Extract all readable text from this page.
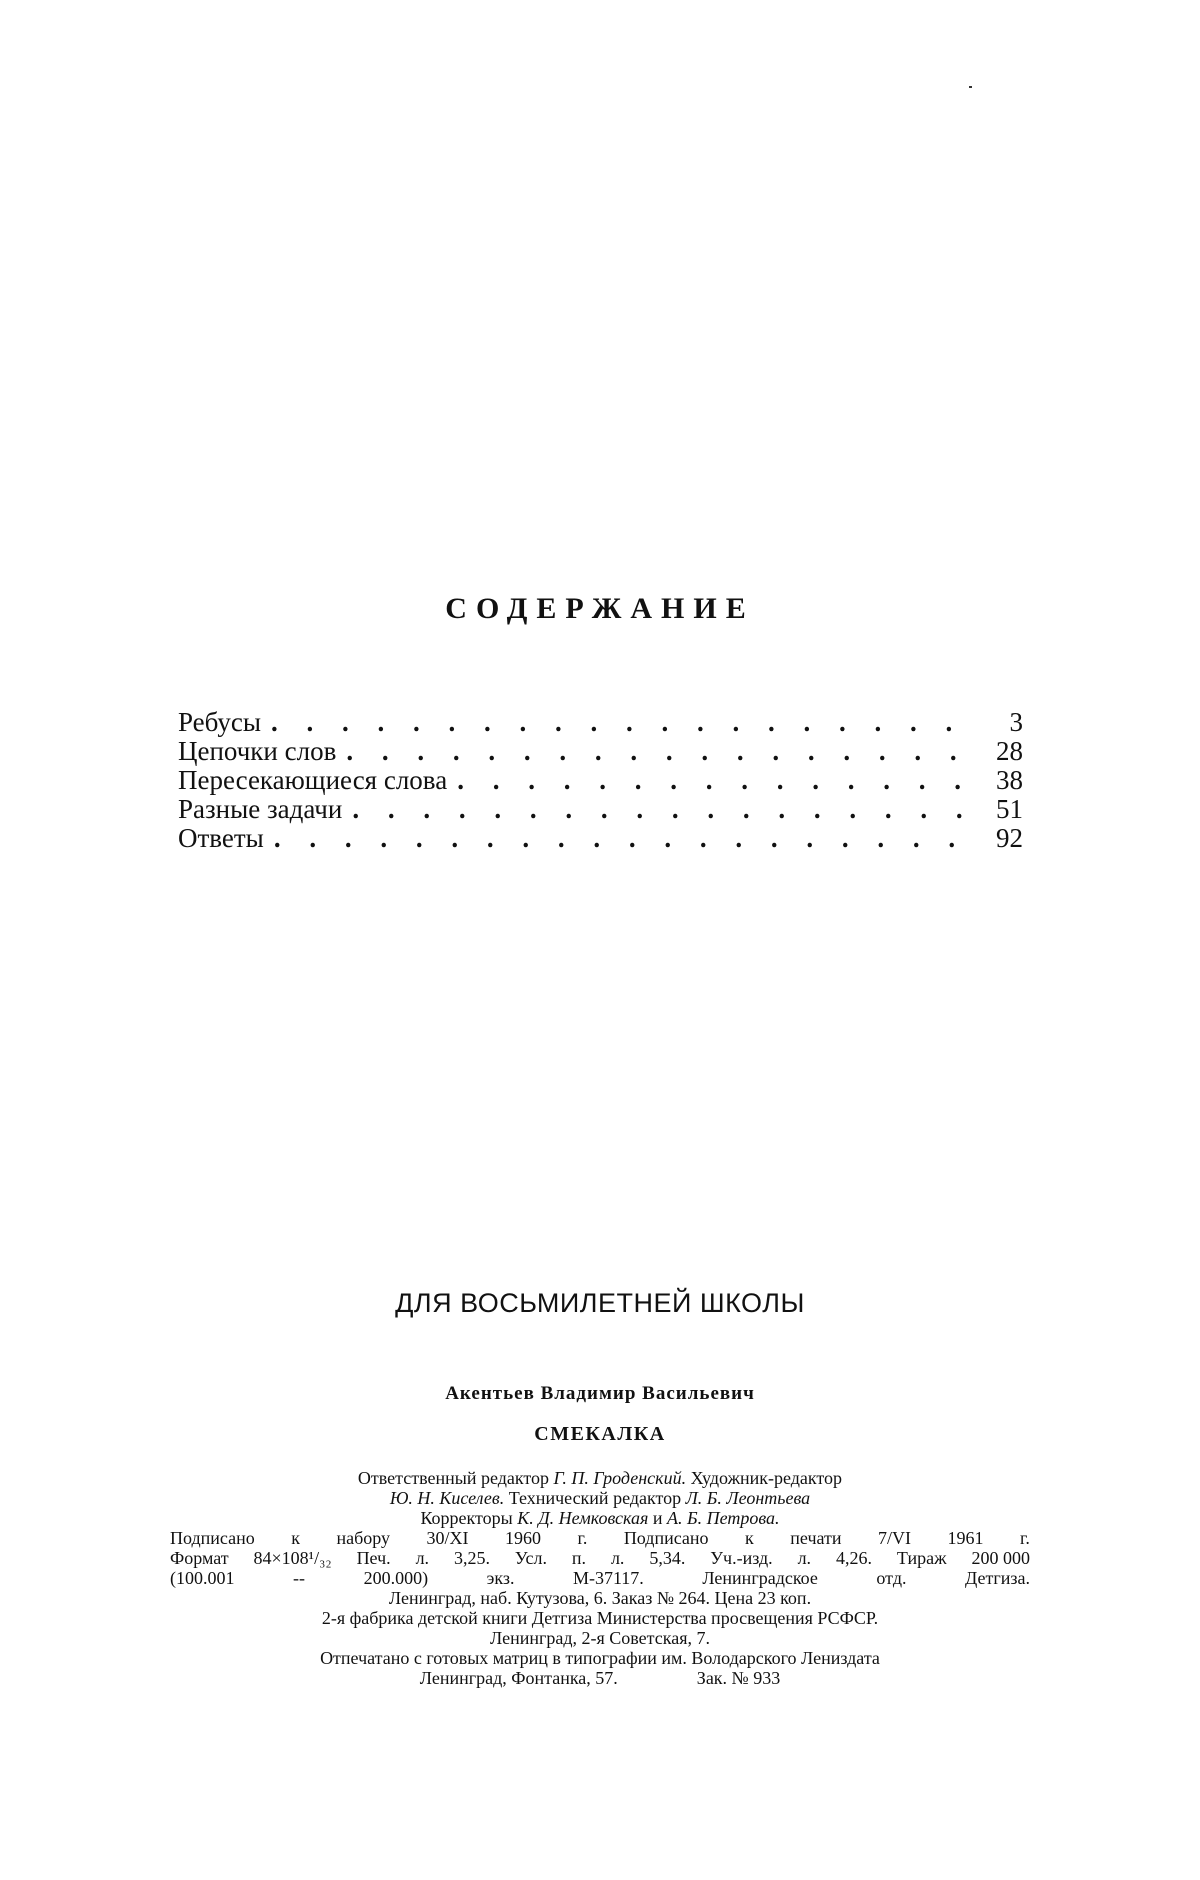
СОДЕРЖАНИЕ
Ребусы . . .	3
Цепочки слов . . .	28
Пересекающиеся слова . . .	38
Разные задачи . . .	51
Ответы . . .	92
ДЛЯ ВОСЬМИЛЕТНЕЙ ШКОЛЫ
Акентьев Владимир Васильевич
СМЕКАЛКА
Ответственный редактор Г. П. Гроденский. Художник-редактор
Ю. Н. Киселев. Технический редактор Л. Б. Леонтьева
Корректоры К. Д. Немковская и А. Б. Петрова.
Подписано к набору 30/XI 1960 г. Подписано к печати 7/VI 1961 г.
Формат 84×108¹/₃₂ Печ. л. 3,25. Усл. п. л. 5,34. Уч.-изд. л. 4,26. Тираж 200 000
(100.001	--	200.000)	экз.	М-37117.	Ленинградское	отд.	Детгиза.
Ленинград, наб. Кутузова, 6. Заказ № 264. Цена 23 коп.
2-я фабрика детской книги Детгиза Министерства просвещения РСФСР.
Ленинград, 2-я Советская, 7.
Отпечатано с готовых матриц в типографии им. Володарского Лениздата
Ленинград, Фонтанка, 57.	Зак. № 933
